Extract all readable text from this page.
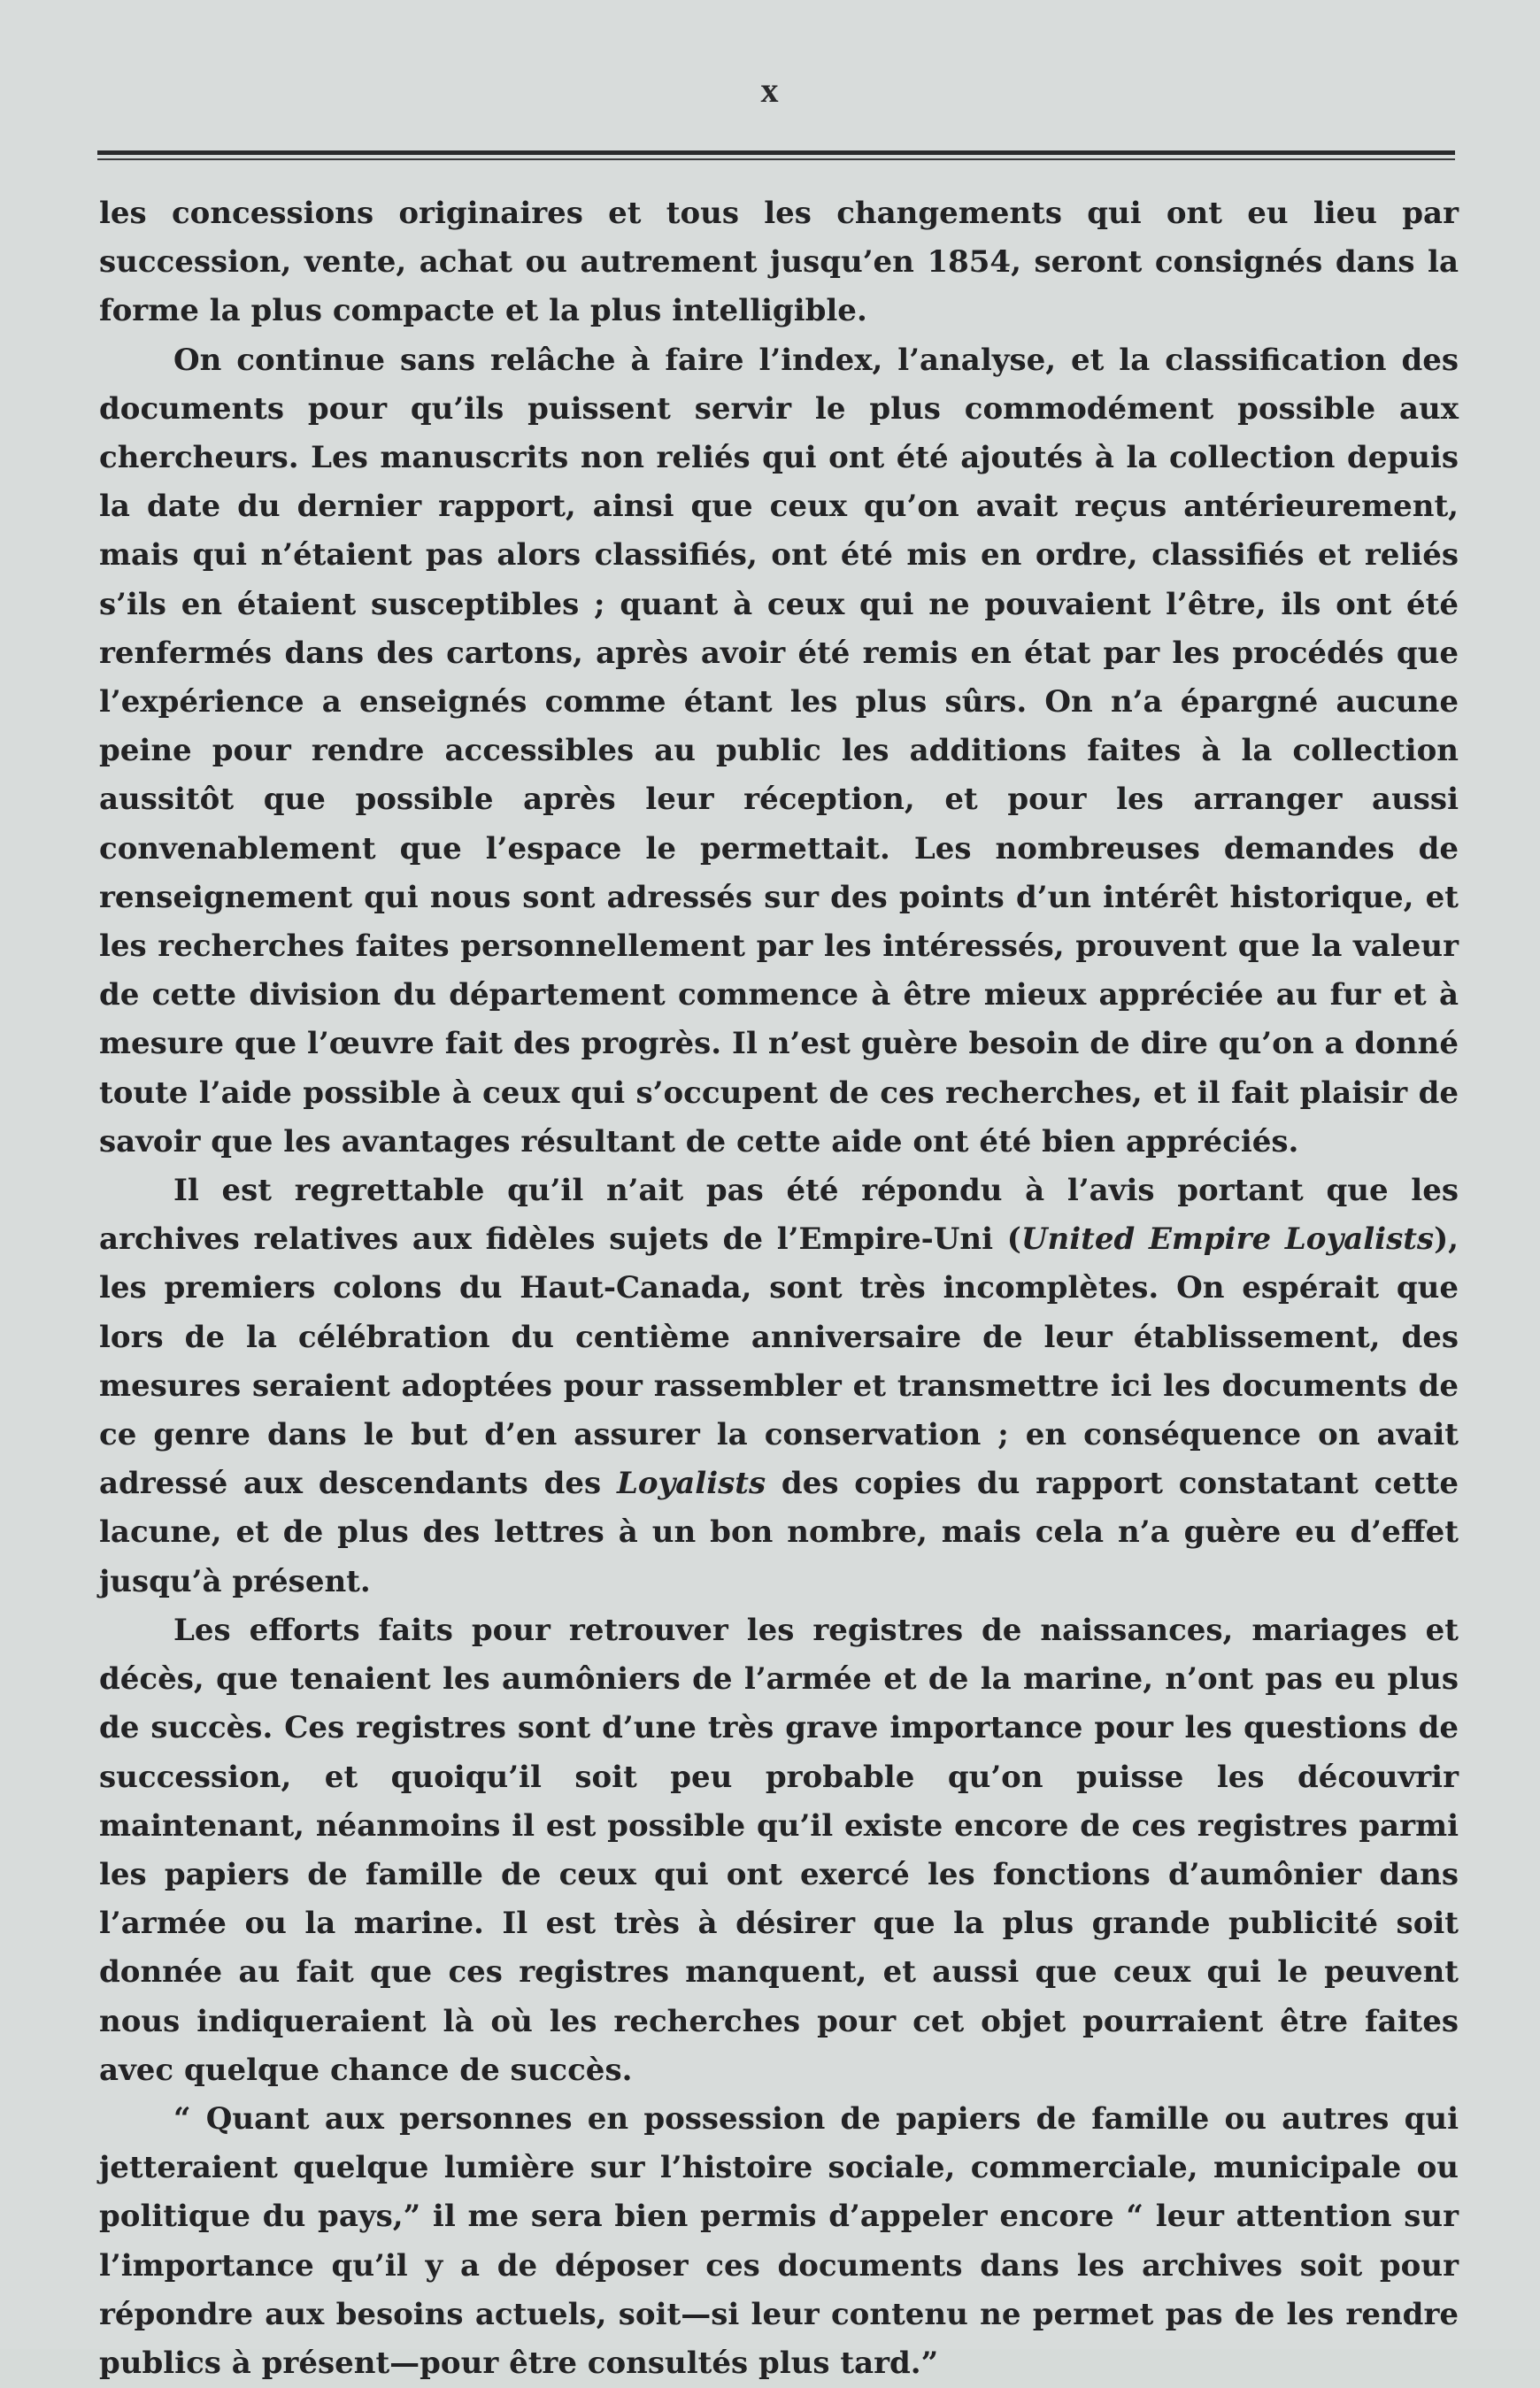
x

les concessions originaires et tous les changements qui ont eu lieu par succession, vente, achat ou autrement jusqu’en 1854, seront consignés dans la forme la plus compacte et la plus intelligible.

On continue sans relâche à faire l’index, l’analyse, et la classification des documents pour qu’ils puissent servir le plus commodément possible aux chercheurs. Les manuscrits non reliés qui ont été ajoutés à la collection depuis la date du dernier rapport, ainsi que ceux qu’on avait reçus antérieurement, mais qui n’étaient pas alors classifiés, ont été mis en ordre, classifiés et reliés s’ils en étaient susceptibles ; quant à ceux qui ne pouvaient l’être, ils ont été renfermés dans des cartons, après avoir été remis en état par les procédés que l’expérience a enseignés comme étant les plus sûrs. On n’a épargné aucune peine pour rendre accessibles au public les additions faites à la collection aussitôt que possible après leur réception, et pour les arranger aussi convenablement que l’espace le permettait. Les nombreuses demandes de renseignement qui nous sont adressés sur des points d’un intérêt historique, et les recherches faites personnellement par les intéressés, prouvent que la valeur de cette division du département commence à être mieux appréciée au fur et à mesure que l’œuvre fait des progrès. Il n’est guère besoin de dire qu’on a donné toute l’aide possible à ceux qui s’occupent de ces recherches, et il fait plaisir de savoir que les avantages résultant de cette aide ont été bien appréciés.

Il est regrettable qu’il n’ait pas été répondu à l’avis portant que les archives relatives aux fidèles sujets de l’Empire-Uni (United Empire Loyalists), les premiers colons du Haut-Canada, sont très incomplètes. On espérait que lors de la célébration du centième anniversaire de leur établissement, des mesures seraient adoptées pour rassembler et transmettre ici les documents de ce genre dans le but d’en assurer la conservation ; en conséquence on avait adressé aux descendants des Loyalists des copies du rapport constatant cette lacune, et de plus des lettres à un bon nombre, mais cela n’a guère eu d’effet jusqu’à présent.

Les efforts faits pour retrouver les registres de naissances, mariages et décès, que tenaient les aumôniers de l’armée et de la marine, n’ont pas eu plus de succès. Ces registres sont d’une très grave importance pour les questions de succession, et quoiqu’il soit peu probable qu’on puisse les découvrir maintenant, néanmoins il est possible qu’il existe encore de ces registres parmi les papiers de famille de ceux qui ont exercé les fonctions d’aumônier dans l’armée ou la marine. Il est très à désirer que la plus grande publicité soit donnée au fait que ces registres manquent, et aussi que ceux qui le peuvent nous indiqueraient là où les recherches pour cet objet pourraient être faites avec quelque chance de succès.

“ Quant aux personnes en possession de papiers de famille ou autres qui jetteraient quelque lumière sur l’histoire sociale, commerciale, municipale ou politique du pays,” il me sera bien permis d’appeler encore “ leur attention sur l’importance qu’il y a de déposer ces documents dans les archives soit pour répondre aux besoins actuels, soit—si leur contenu ne permet pas de les rendre publics à présent—pour être consultés plus tard.”
